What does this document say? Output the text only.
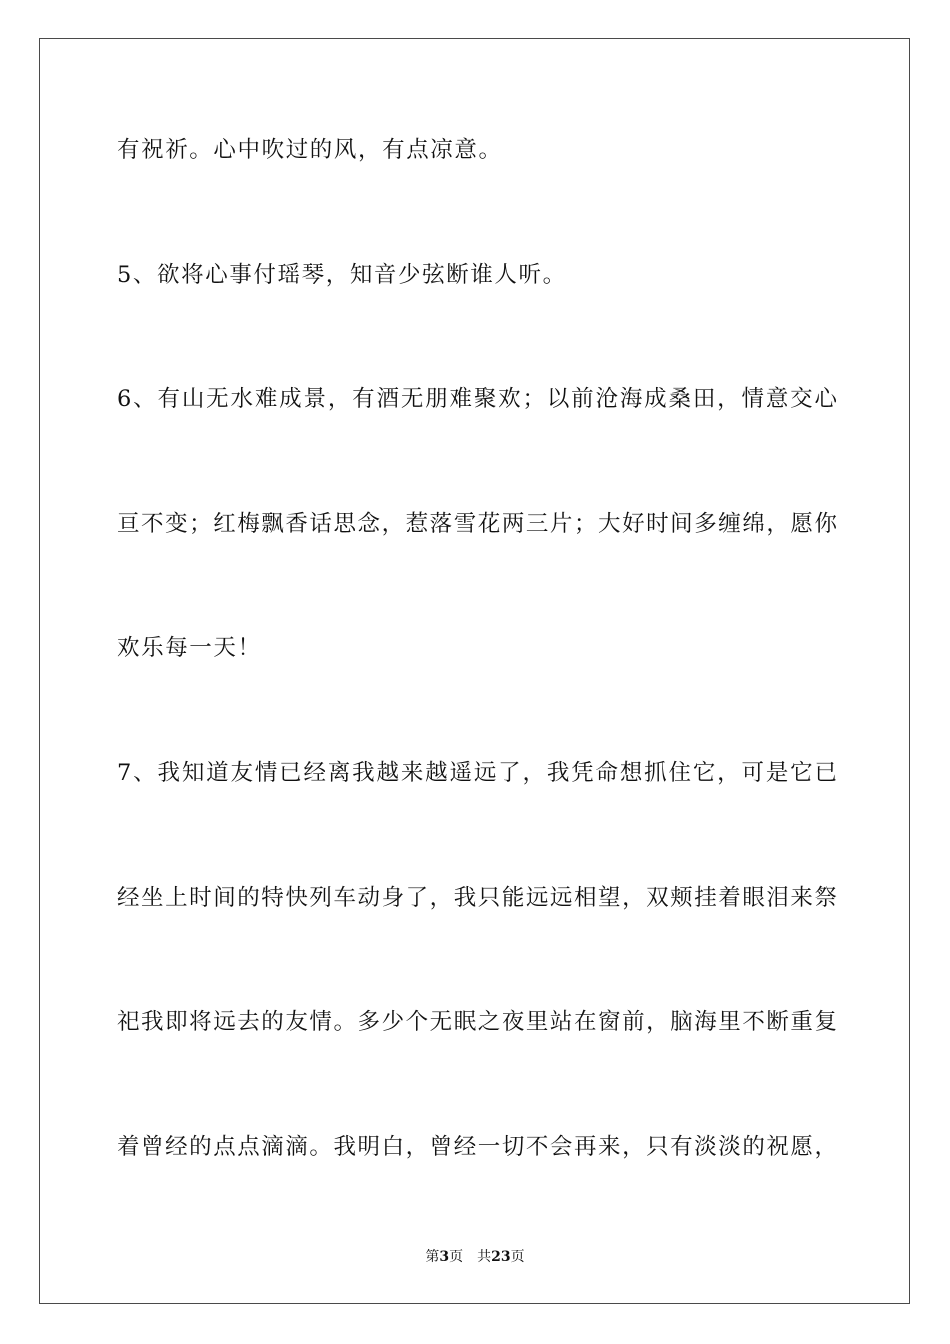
有祝祈。心中吹过的风，有点凉意。
5、欲将心事付瑶琴，知音少弦断谁人听。
6、有山无水难成景，有酒无朋难聚欢；以前沧海成桑田，情意交心
亘不变；红梅飘香话思念，惹落雪花两三片；大好时间多缠绵，愿你
欢乐每一天！
7、我知道友情已经离我越来越遥远了，我凭命想抓住它，可是它已
经坐上时间的特快列车动身了，我只能远远相望，双颊挂着眼泪来祭
祀我即将远去的友情。多少个无眠之夜里站在窗前，脑海里不断重复
着曾经的点点滴滴。我明白，曾经一切不会再来，只有淡淡的祝愿，
第3页 共23页
